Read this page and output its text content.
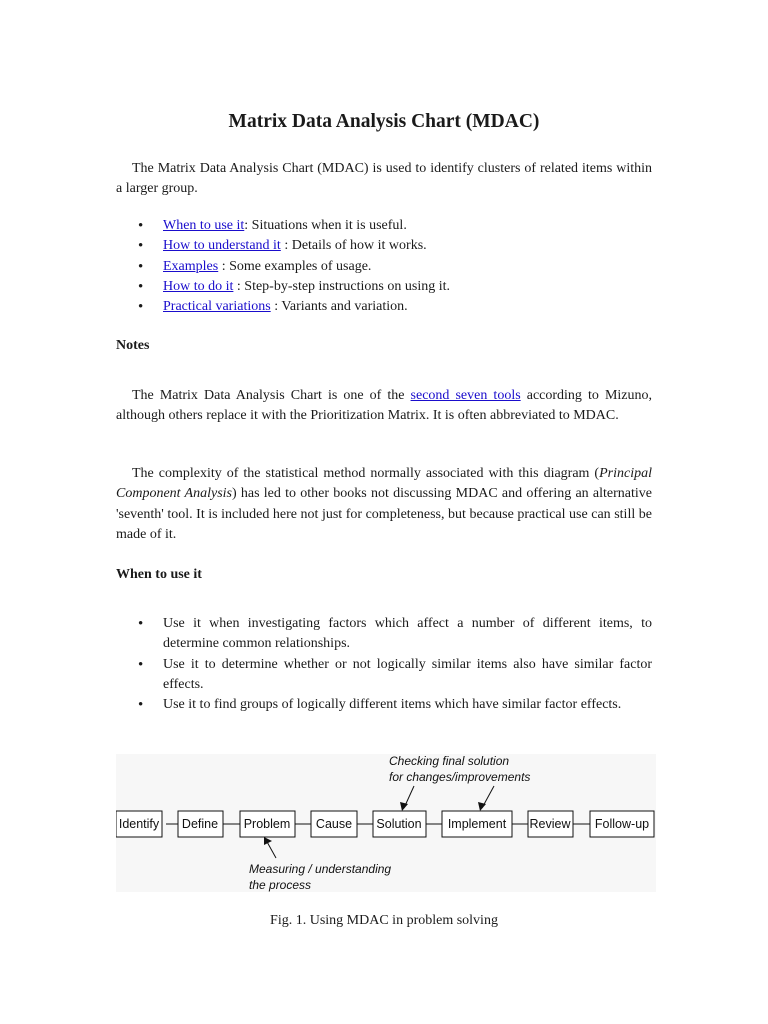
Matrix Data Analysis Chart (MDAC)

The Matrix Data Analysis Chart (MDAC) is used to identify clusters of related items within a larger group.

• When to use it: Situations when it is useful.
• How to understand it : Details of how it works.
• Examples : Some examples of usage.
• How to do it : Step-by-step instructions on using it.
• Practical variations : Variants and variation.
Notes

The Matrix Data Analysis Chart is one of the second seven tools according to Mizuno, although others replace it with the Prioritization Matrix. It is often abbreviated to MDAC.

The complexity of the statistical method normally associated with this diagram (Principal Component Analysis) has led to other books not discussing MDAC and offering an alternative 'seventh' tool. It is included here not just for completeness, but because practical use can still be made of it.

When to use it
• Use it when investigating factors which affect a number of different items, to determine common relationships.
• Use it to determine whether or not logically similar items also have similar factor effects.
• Use it to find groups of logically different items which have similar factor effects.
Identify Define Problem Cause Solution Implement Review Follow-up
Checking final solution
for changes/improvements
Measuring / understanding
the process
Fig. 1. Using MDAC in problem solving
